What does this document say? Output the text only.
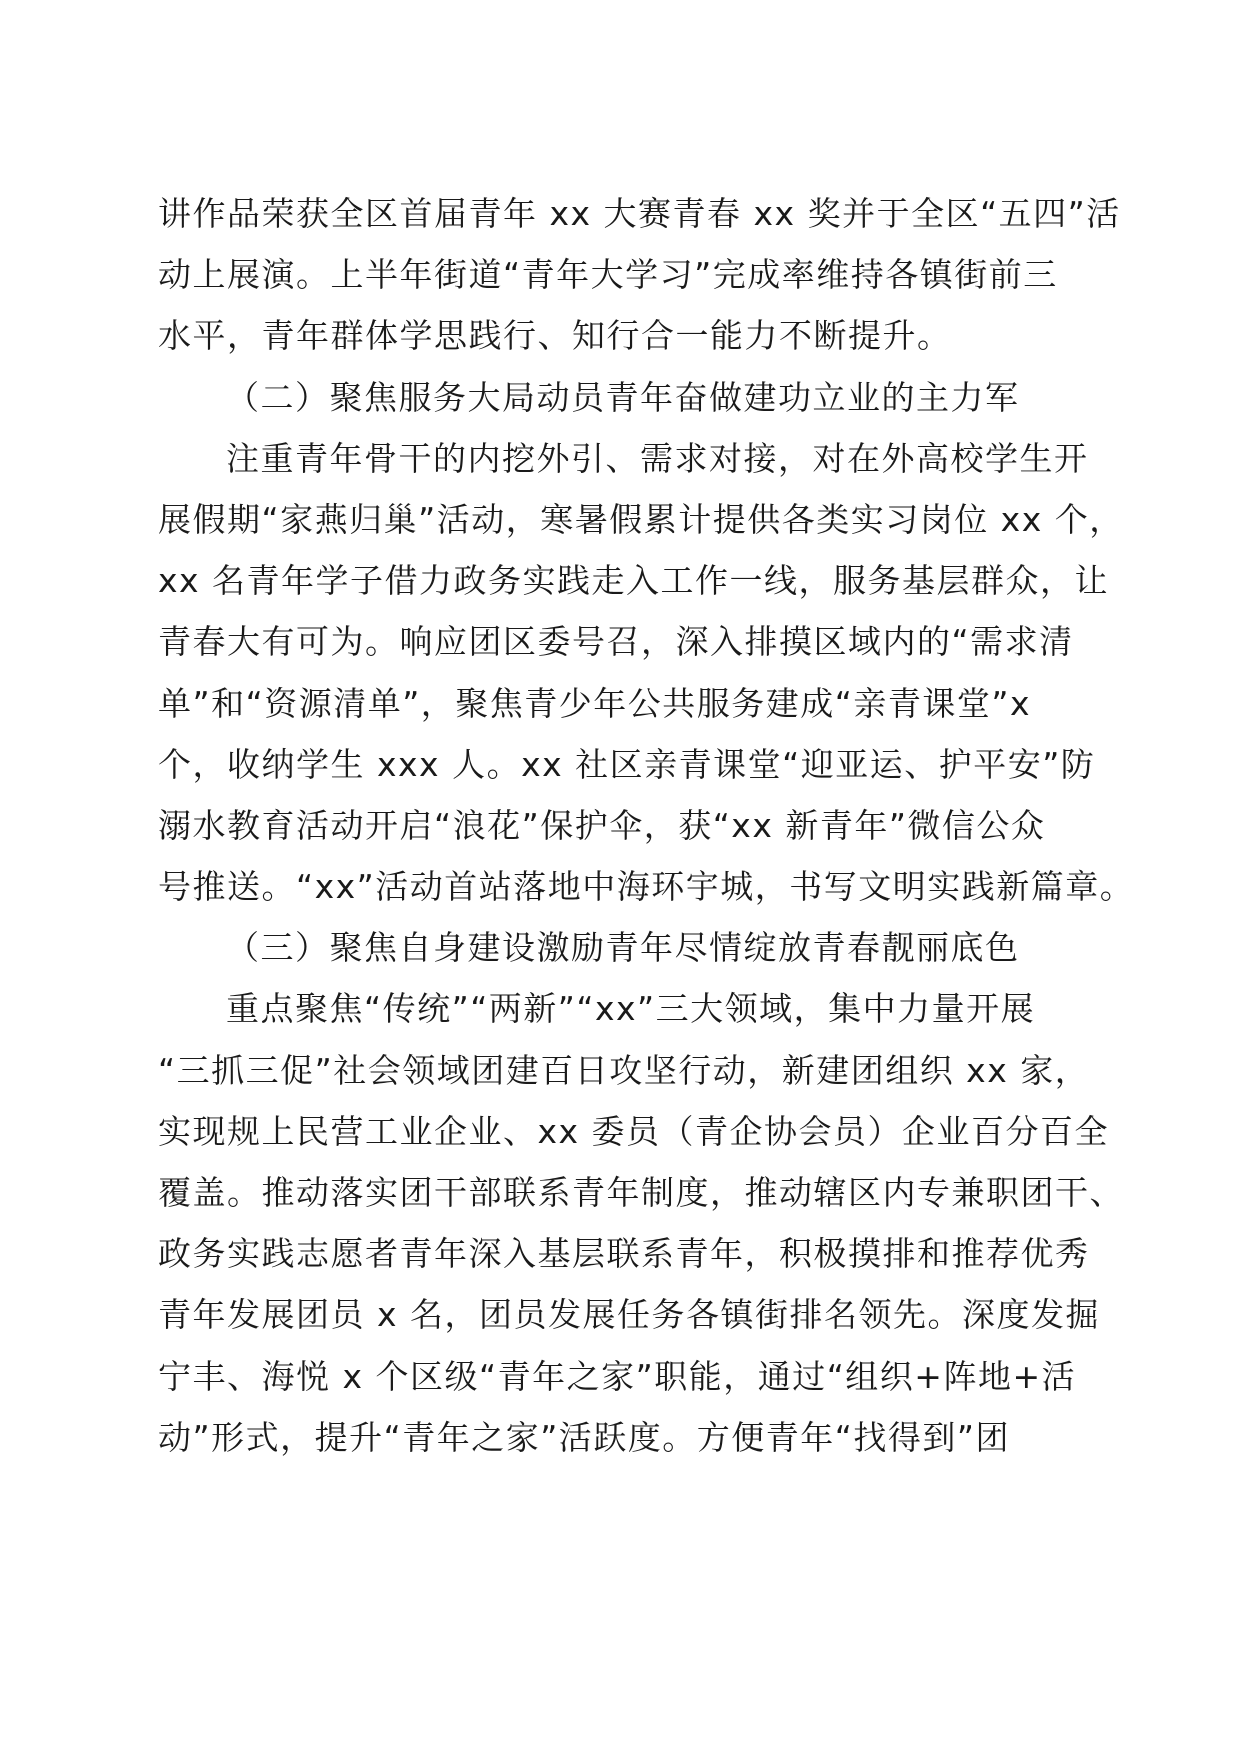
讲作品荣获全区首届青年 xx 大赛青春 xx 奖并于全区“五四”活
动上展演。上半年街道“青年大学习”完成率维持各镇街前三
水平，青年群体学思践行、知行合一能力不断提升。
（二）聚焦服务大局动员青年奋做建功立业的主力军
注重青年骨干的内挖外引、需求对接，对在外高校学生开
展假期“家燕归巢”活动，寒暑假累计提供各类实习岗位 xx 个，
xx 名青年学子借力政务实践走入工作一线，服务基层群众，让
青春大有可为。响应团区委号召，深入排摸区域内的“需求清
单”和“资源清单”，聚焦青少年公共服务建成“亲青课堂”x
个，收纳学生 xxx 人。xx 社区亲青课堂“迎亚运、护平安”防
溺水教育活动开启“浪花”保护伞，获“xx 新青年”微信公众
号推送。“xx”活动首站落地中海环宇城，书写文明实践新篇章。
（三）聚焦自身建设激励青年尽情绽放青春靓丽底色
重点聚焦“传统”“两新”“xx”三大领域，集中力量开展
“三抓三促”社会领域团建百日攻坚行动，新建团组织 xx 家，
实现规上民营工业企业、xx 委员（青企协会员）企业百分百全
覆盖。推动落实团干部联系青年制度，推动辖区内专兼职团干、
政务实践志愿者青年深入基层联系青年，积极摸排和推荐优秀
青年发展团员 x 名，团员发展任务各镇街排名领先。深度发掘
宁丰、海悦 x 个区级“青年之家”职能，通过“组织+阵地+活
动”形式，提升“青年之家”活跃度。方便青年“找得到”团
